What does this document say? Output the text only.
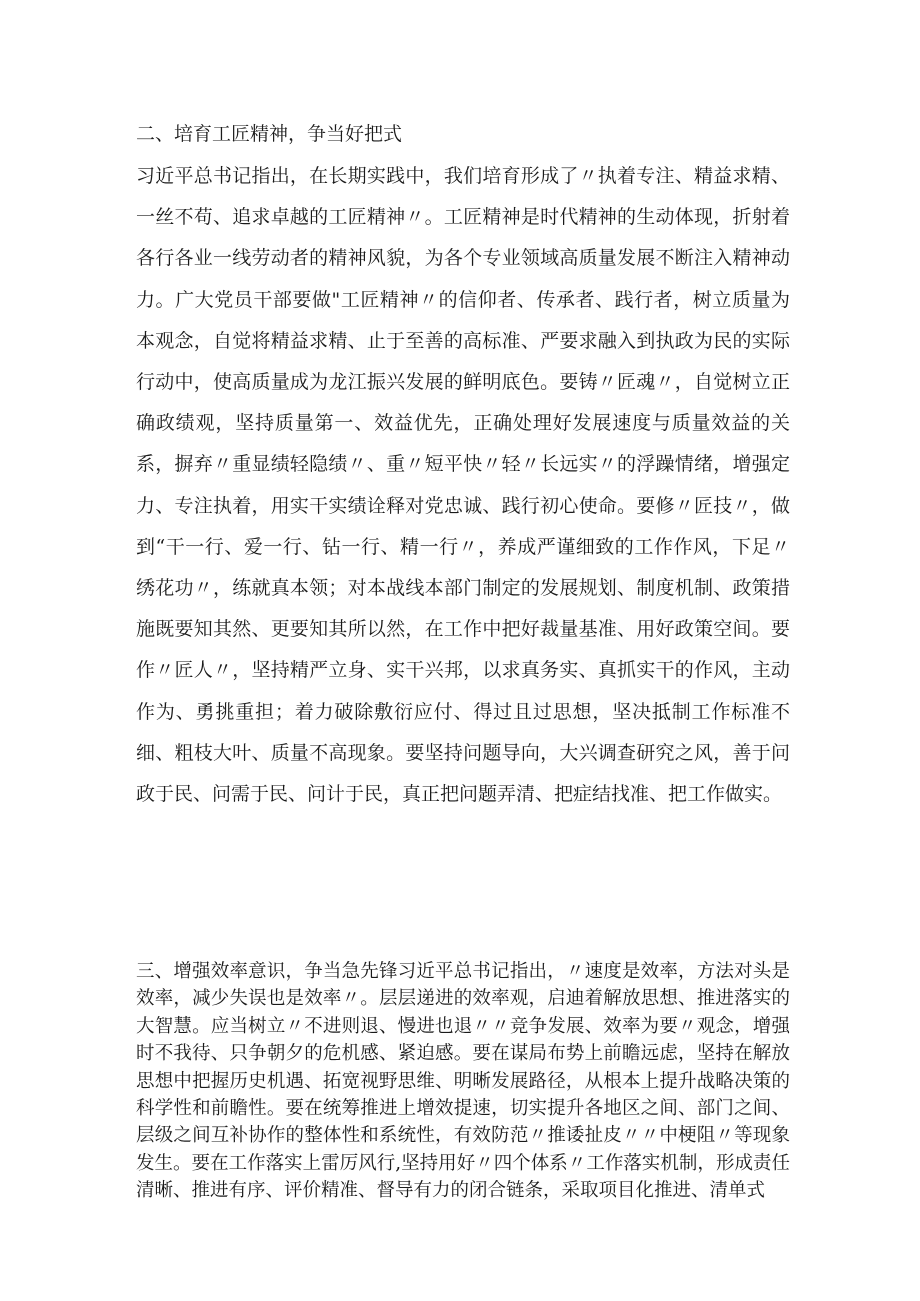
二、培育工匠精神，争当好把式

习近平总书记指出，在长期实践中，我们培育形成了〃执着专注、精益求精、一丝不苟、追求卓越的工匠精神〃。工匠精神是时代精神的生动体现，折射着各行各业一线劳动者的精神风貌，为各个专业领域高质量发展不断注入精神动力。广大党员干部要做"工匠精神〃的信仰者、传承者、践行者，树立质量为本观念，自觉将精益求精、止于至善的高标准、严要求融入到执政为民的实际行动中，使高质量成为龙江振兴发展的鲜明底色。要铸〃匠魂〃，自觉树立正确政绩观，坚持质量第一、效益优先，正确处理好发展速度与质量效益的关系，摒弃〃重显绩轻隐绩〃、重〃短平快〃轻〃长远实〃的浮躁情绪，增强定力、专注执着，用实干实绩诠释对党忠诚、践行初心使命。要修〃匠技〃，做到“干一行、爱一行、钻一行、精一行〃，养成严谨细致的工作作风，下足〃绣花功〃，练就真本领；对本战线本部门制定的发展规划、制度机制、政策措施既要知其然、更要知其所以然，在工作中把好裁量基准、用好政策空间。要作〃匠人〃，坚持精严立身、实干兴邦，以求真务实、真抓实干的作风，主动作为、勇挑重担；着力破除敷衍应付、得过且过思想，坚决抵制工作标准不细、粗枝大叶、质量不高现象。要坚持问题导向，大兴调查研究之风，善于问政于民、问需于民、问计于民，真正把问题弄清、把症结找准、把工作做实。

三、增强效率意识，争当急先锋习近平总书记指出，〃速度是效率，方法对头是效率，减少失误也是效率〃。层层递进的效率观，启迪着解放思想、推进落实的大智慧。应当树立〃不进则退、慢进也退〃〃竞争发展、效率为要〃观念，增强时不我待、只争朝夕的危机感、紧迫感。要在谋局布势上前瞻远虑，坚持在解放思想中把握历史机遇、拓宽视野思维、明晰发展路径，从根本上提升战略决策的科学性和前瞻性。要在统筹推进上增效提速，切实提升各地区之间、部门之间、层级之间互补协作的整体性和系统性，有效防范〃推诿扯皮〃〃中梗阻〃等现象发生。要在工作落实上雷厉风行,坚持用好〃四个体系〃工作落实机制，形成责任清晰、推进有序、评价精准、督导有力的闭合链条，采取项目化推进、清单式
